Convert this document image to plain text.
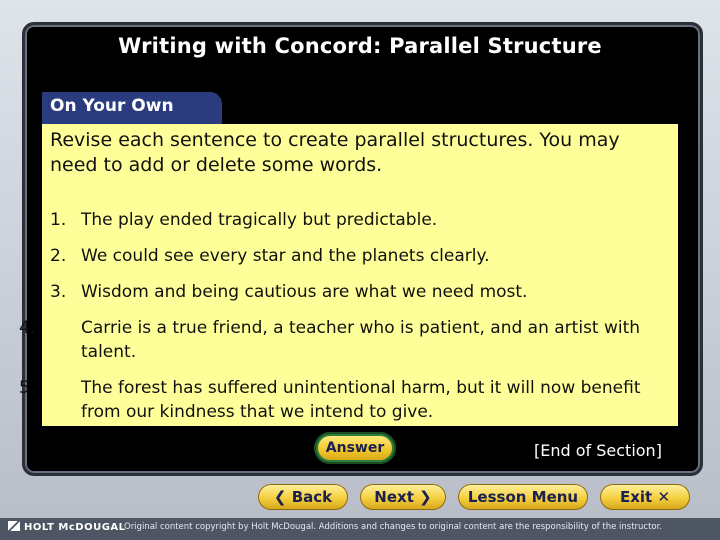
Writing with Concord: Parallel Structure
On Your Own
Revise each sentence to create parallel structures. You may need to add or delete some words.
1. The play ended tragically but predictable.
2. We could see every star and the planets clearly.
3. Wisdom and being cautious are what we need most.
4.	Carrie is a true friend, a teacher who is patient, and an artist with talent.
5.	The forest has suffered unintentional harm, but it will now benefit from our kindness that we intend to give.
Answer	[End of Section]
❮ Back	Next ❯	Lesson Menu	Exit ✕
HOLT McDOUGAL
Original content copyright by Holt McDougal. Additions and changes to original content are the responsibility of the instructor.
